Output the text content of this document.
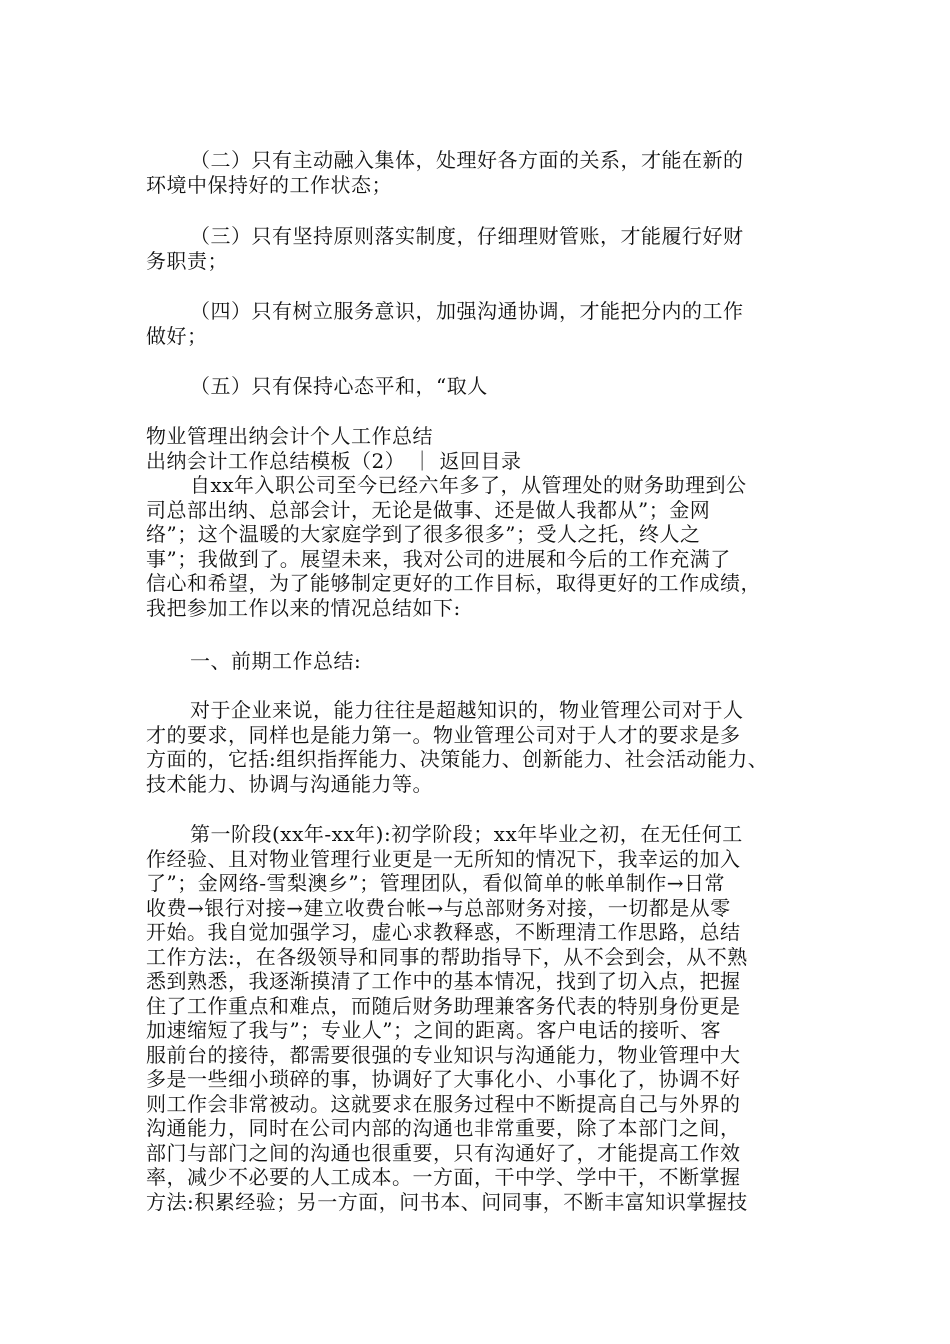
（二）只有主动融入集体，处理好各方面的关系，才能在新的
环境中保持好的工作状态；
（三）只有坚持原则落实制度，仔细理财管账，才能履行好财
务职责；
（四）只有树立服务意识，加强沟通协调，才能把分内的工作
做好；
（五）只有保持心态平和，“取人
物业管理出纳会计个人工作总结
出纳会计工作总结模板（2） ｜ 返回目录
自xx年入职公司至今已经六年多了，从管理处的财务助理到公
司总部出纳、总部会计，无论是做事、还是做人我都从”；金网
络”；这个温暖的大家庭学到了很多很多”；受人之托，终人之
事”；我做到了。展望未来，我对公司的进展和今后的工作充满了
信心和希望，为了能够制定更好的工作目标，取得更好的工作成绩，
我把参加工作以来的情况总结如下:
一、前期工作总结:
对于企业来说，能力往往是超越知识的，物业管理公司对于人
才的要求，同样也是能力第一。物业管理公司对于人才的要求是多
方面的，它括:组织指挥能力、决策能力、创新能力、社会活动能力、
技术能力、协调与沟通能力等。
第一阶段(xx年-xx年):初学阶段；xx年毕业之初，在无任何工
作经验、且对物业管理行业更是一无所知的情况下，我幸运的加入
了”；金网络-雪梨澳乡”；管理团队，看似简单的帐单制作→日常
收费→银行对接→建立收费台帐→与总部财务对接，一切都是从零
开始。我自觉加强学习，虚心求教释惑，不断理清工作思路，总结
工作方法:，在各级领导和同事的帮助指导下，从不会到会，从不熟
悉到熟悉，我逐渐摸清了工作中的基本情况，找到了切入点，把握
住了工作重点和难点，而随后财务助理兼客务代表的特别身份更是
加速缩短了我与”；专业人”；之间的距离。客户电话的接听、客
服前台的接待，都需要很强的专业知识与沟通能力，物业管理中大
多是一些细小琐碎的事，协调好了大事化小、小事化了，协调不好
则工作会非常被动。这就要求在服务过程中不断提高自己与外界的
沟通能力，同时在公司内部的沟通也非常重要，除了本部门之间，
部门与部门之间的沟通也很重要，只有沟通好了，才能提高工作效
率，减少不必要的人工成本。一方面，干中学、学中干，不断掌握
方法:积累经验；另一方面，问书本、问同事，不断丰富知识掌握技
